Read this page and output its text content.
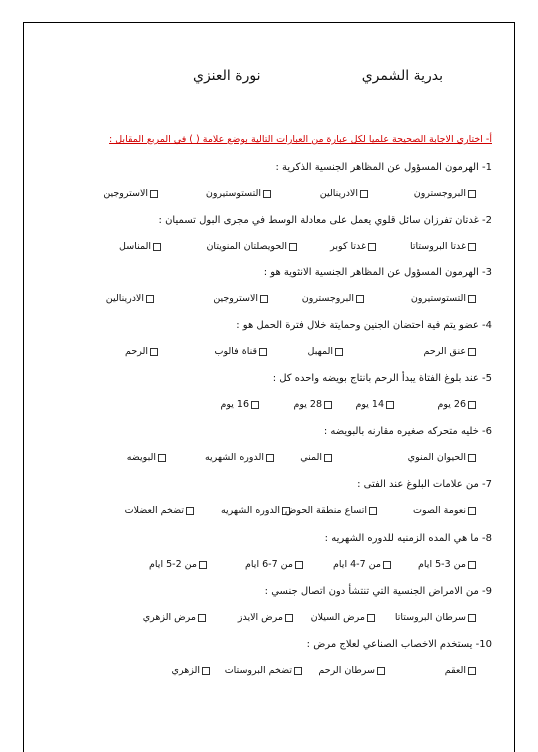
بدرية الشمري
نورة العنزي
أ- اختاري الاجابة الصحيحة علميا لكل عبارة من العبارات التالية بوضع علامة ( ) في المربع المقابل :
1- الهرمون المسؤول عن المظاهر الجنسية الذكرية :
البروجسترون
الادرينالين
التستوستيرون
الاستروجين
2- غدتان تفرزان سائل قلوي يعمل على معادلة الوسط في مجرى البول تسميان :
غدتا البروستاتا
غدتا كوبر
الحويصلتان المنويتان
المناسل
3- الهرمون المسؤول عن المظاهر الجنسية الانثوية هو :
التستوستيرون
البروجسترون
الاستروجين
الادرينالين
4- عضو يتم فية احتضان الجنين وحمايتة خلال فترة الحمل هو :
عنق الرحم
المهبل
قناة فالوب
الرحم
5- عند بلوغ الفتاة يبدأ الرحم بانتاج بويضه واحده كل :
26 يوم
14 يوم
28 يوم
16 يوم
6- خليه متحركه صغيره مقارنه بالبويضه :
الحيوان المنوي
المني
الدوره الشهريه
البويضه
7- من علامات البلوغ عند الفتى :
نعومة الصوت
اتساع منطقة الحوض
الدوره الشهريه
تضخم العضلات
8- ما هي المده الزمنيه للدوره الشهريه :
من 3-5 ايام
من 7-4 ايام
من 7-6 ايام
من 2-5 ايام
9- من الامراض الجنسية التي تنتشأ دون اتصال جنسي :
سرطان البروستاتا
مرض السيلان
مرض الايدز
مرض الزهري
10- يستخدم الاخصاب الصناعي لعلاج مرض :
العقم
سرطان الرحم
تضخم البروستات
الزهري
